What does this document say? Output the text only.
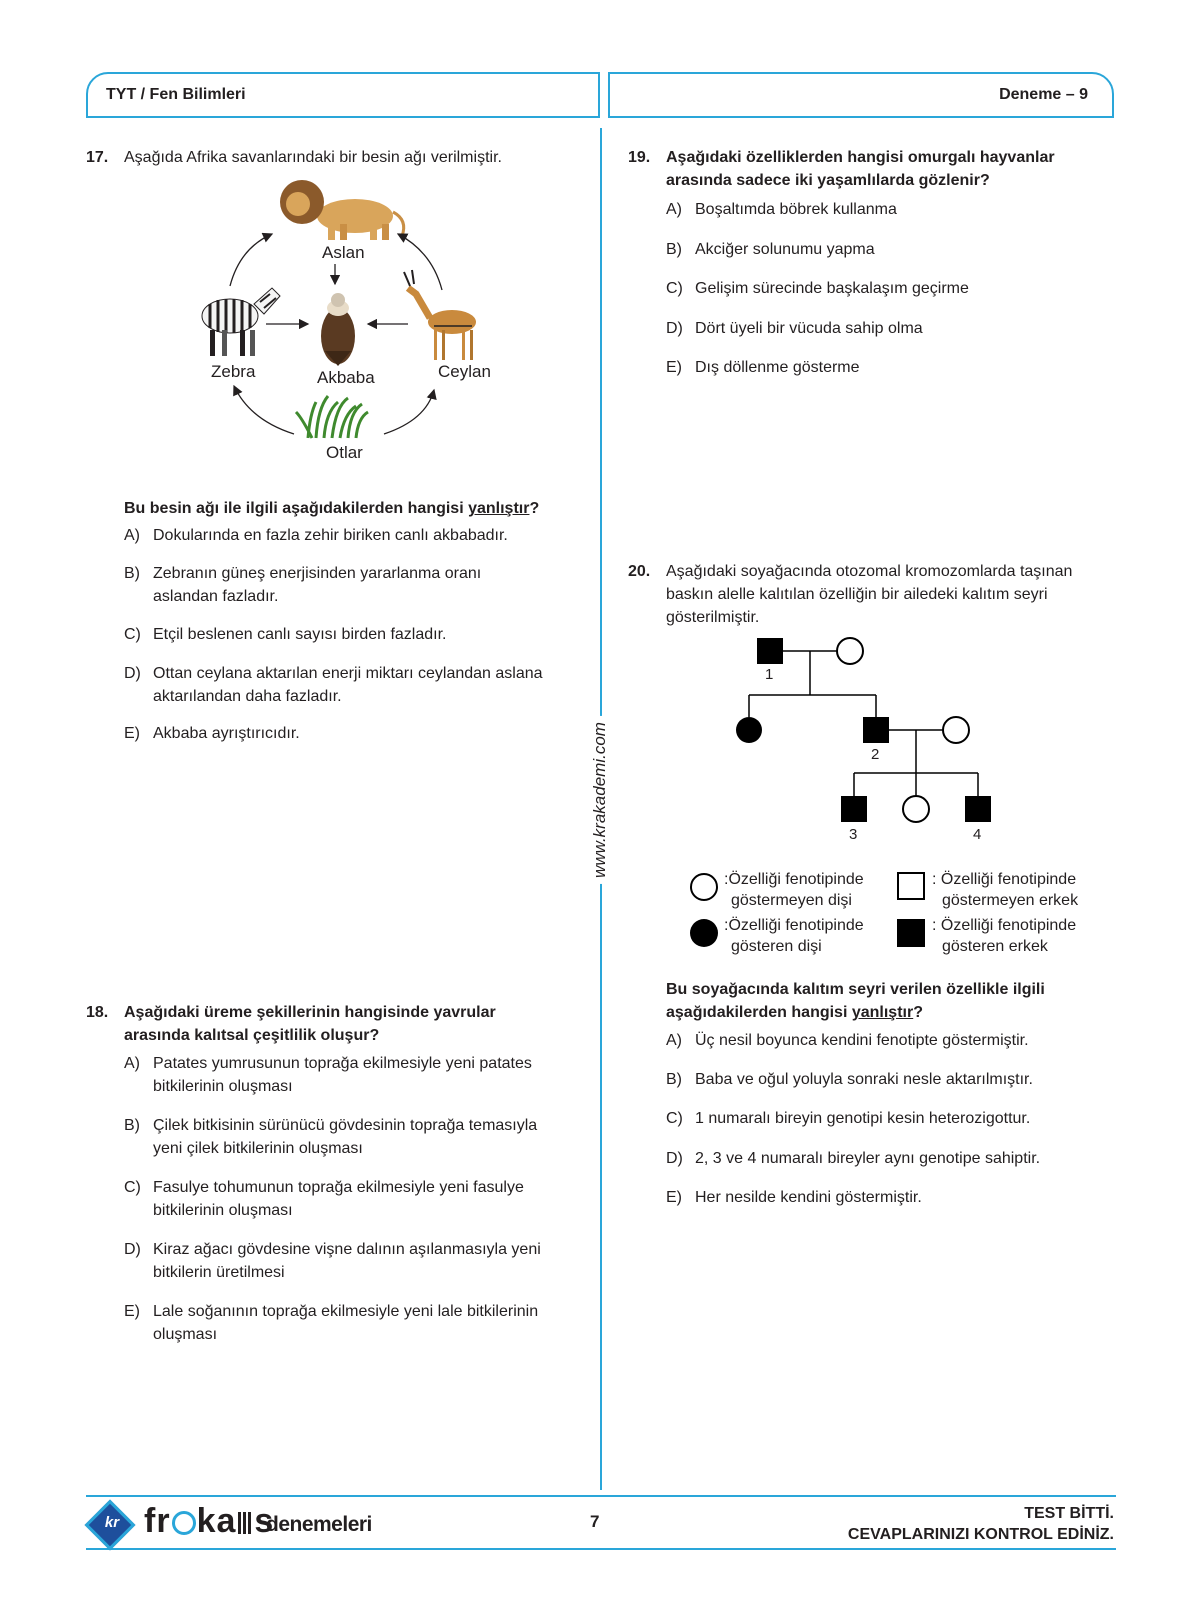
TYT / Fen Bilimleri	Deneme – 9
www.krakademi.com
17. Aşağıda Afrika savanlarındaki bir besin ağı verilmiştir.
Aslan
Zebra	Akbaba	Ceylan
Otlar
Bu besin ağı ile ilgili aşağıdakilerden hangisi yanlıştır?
A) Dokularında en fazla zehir biriken canlı akbabadır.
B) Zebranın güneş enerjisinden yararlanma oranı
aslandan fazladır.
C) Etçil beslenen canlı sayısı birden fazladır.
D) Ottan ceylana aktarılan enerji miktarı ceylandan aslana
aktarılandan daha fazladır.
E) Akbaba ayrıştırıcıdır.
18. Aşağıdaki üreme şekillerinin hangisinde yavrular
arasında kalıtsal çeşitlilik oluşur?
A) Patates yumrusunun toprağa ekilmesiyle yeni patates
bitkilerinin oluşması
B) Çilek bitkisinin sürünücü gövdesinin toprağa temasıyla
yeni çilek bitkilerinin oluşması
C) Fasulye tohumunun toprağa ekilmesiyle yeni fasulye
bitkilerinin oluşması
D) Kiraz ağacı gövdesine vişne dalının aşılanmasıyla yeni
bitkilerin üretilmesi
E) Lale soğanının toprağa ekilmesiyle yeni lale bitkilerinin
oluşması
19. Aşağıdaki özelliklerden hangisi omurgalı hayvanlar
arasında sadece iki yaşamlılarda gözlenir?
A) Boşaltımda böbrek kullanma
B) Akciğer solunumu yapma
C) Gelişim sürecinde başkalaşım geçirme
D) Dört üyeli bir vücuda sahip olma
E) Dış döllenme gösterme
20. Aşağıdaki soyağacında otozomal kromozomlarda taşınan
baskın alelle kalıtılan özelliğin bir ailedeki kalıtım seyri
gösterilmiştir.
1
2
3	4
:Özelliği fenotipinde
göstermeyen dişi
: Özelliği fenotipinde
göstermeyen erkek
:Özelliği fenotipinde
gösteren dişi
: Özelliği fenotipinde
gösteren erkek
Bu soyağacında kalıtım seyri verilen özellikle ilgili
aşağıdakilerden hangisi yanlıştır?
A) Üç nesil boyunca kendini fenotipte göstermiştir.
B) Baba ve oğul yoluyla sonraki nesle aktarılmıştır.
C) 1 numaralı bireyin genotipi kesin heterozigottur.
D) 2, 3 ve 4 numaralı bireyler aynı genotipe sahiptir.
E) Her nesilde kendini göstermiştir.
kr fr ka s
denemeleri	7	TEST BİTTİ.
CEVAPLARINIZI KONTROL EDİNİZ.
